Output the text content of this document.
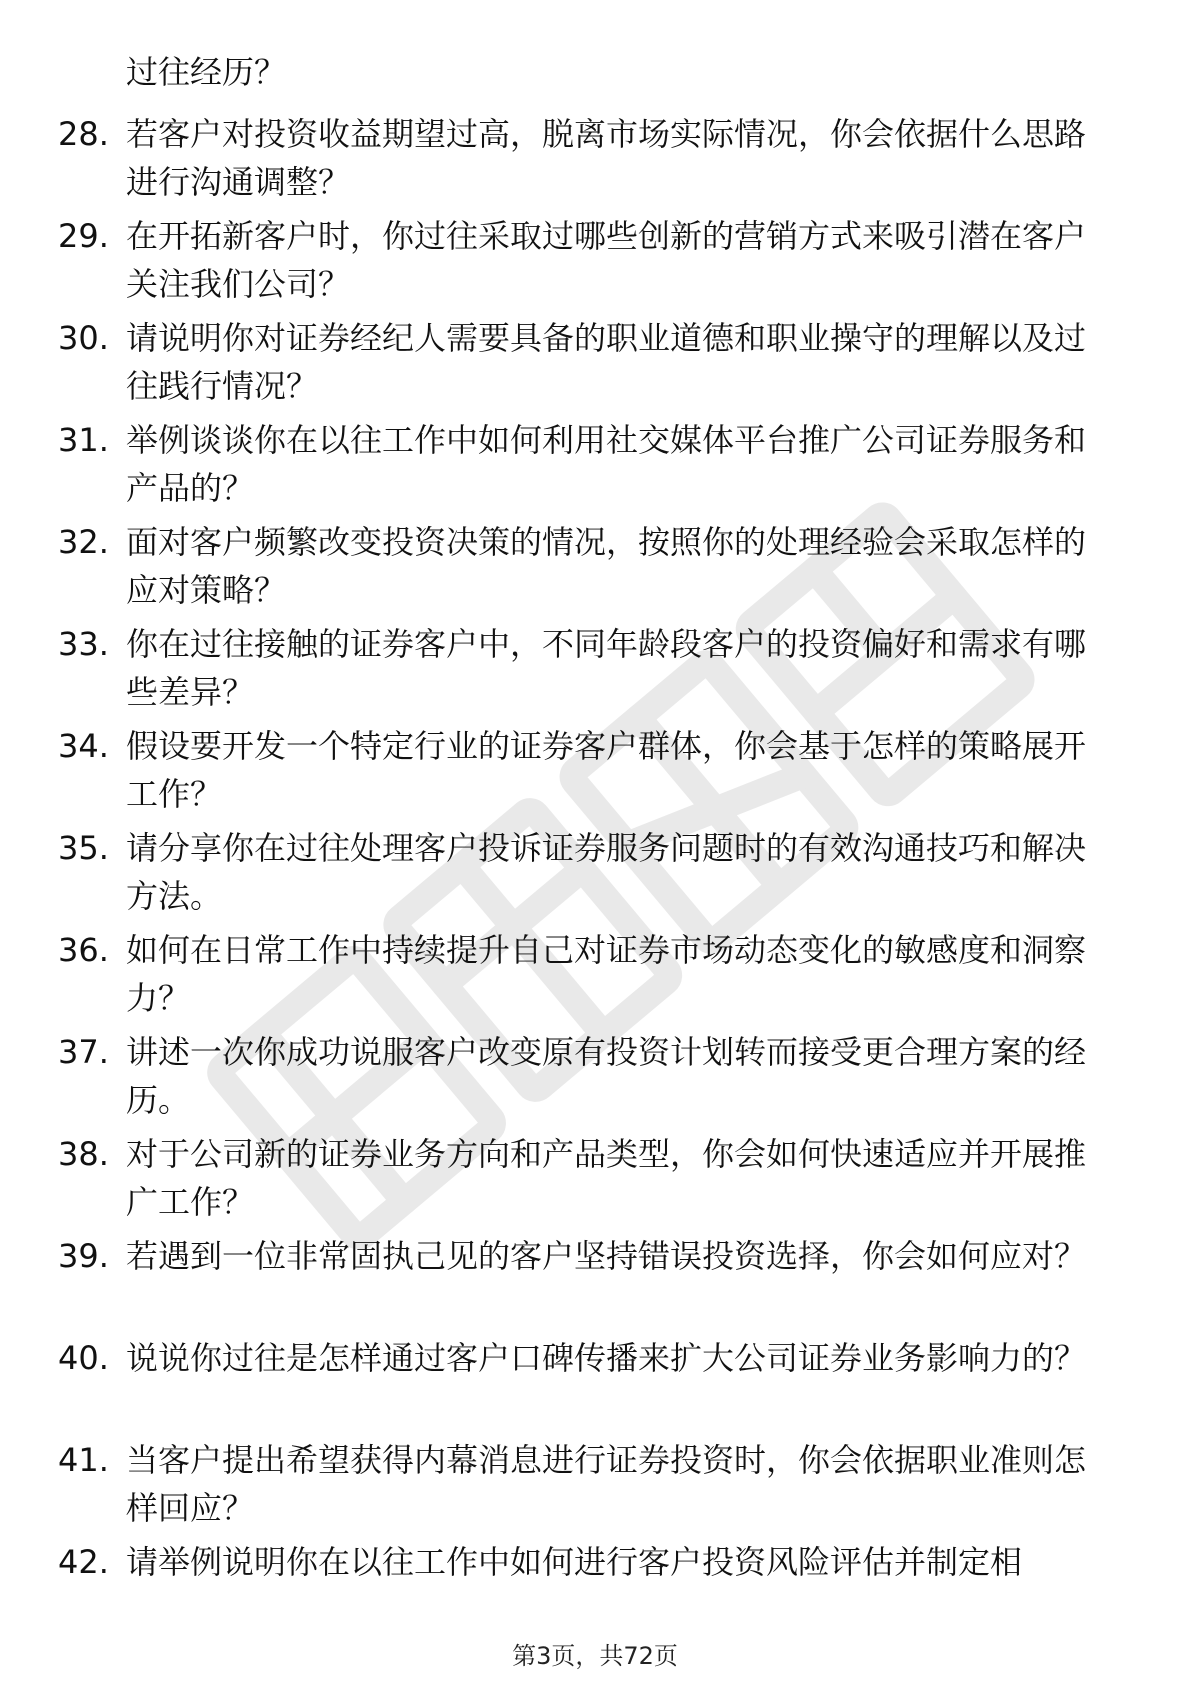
过往经历？

28. 若客户对投资收益期望过高，脱离市场实际情况，你会依据什么思路进行沟通调整？

29. 在开拓新客户时，你过往采取过哪些创新的营销方式来吸引潜在客户关注我们公司？

30. 请说明你对证券经纪人需要具备的职业道德和职业操守的理解以及过往践行情况？

31. 举例谈谈你在以往工作中如何利用社交媒体平台推广公司证券服务和产品的？

32. 面对客户频繁改变投资决策的情况，按照你的处理经验会采取怎样的应对策略？

33. 你在过往接触的证券客户中，不同年龄段客户的投资偏好和需求有哪些差异？

34. 假设要开发一个特定行业的证券客户群体，你会基于怎样的策略展开工作？

35. 请分享你在过往处理客户投诉证券服务问题时的有效沟通技巧和解决方法。

36. 如何在日常工作中持续提升自己对证券市场动态变化的敏感度和洞察力？

37. 讲述一次你成功说服客户改变原有投资计划转而接受更合理方案的经历。

38. 对于公司新的证券业务方向和产品类型，你会如何快速适应并开展推广工作？

39. 若遇到一位非常固执己见的客户坚持错误投资选择，你会如何应对？

40. 说说你过往是怎样通过客户口碑传播来扩大公司证券业务影响力的？

41. 当客户提出希望获得内幕消息进行证券投资时，你会依据职业准则怎样回应？

42. 请举例说明你在以往工作中如何进行客户投资风险评估并制定相

第3页，共72页
